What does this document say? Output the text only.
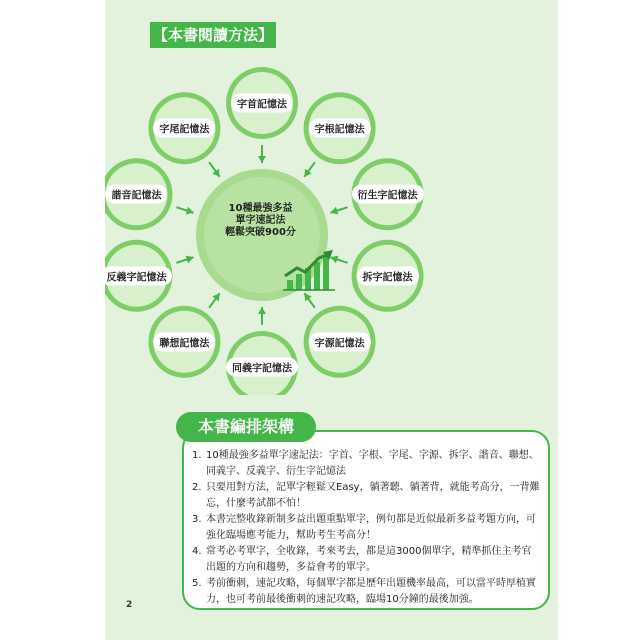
【本書閱讀方法】
字首記憶法
字根記憶法
衍生字記憶法
拆字記憶法
字源記憶法
同義字記憶法
聯想記憶法
反義字記憶法
諧音記憶法
字尾記憶法
10種最強多益
單字速記法
輕鬆突破900分
本書編排架構
1. 10種最強多益單字速記法：字首、字根、字尾、字源、拆字、諧音、聯想、同義字、反義字、衍生字記憶法
2. 只要用對方法，記單字輕鬆又Easy，躺著聽、躺著背，就能考高分，一背難忘，什麼考試都不怕！
3. 本書完整收錄新制多益出題重點單字，例句都是近似最新多益考題方向，可強化臨場應考能力，幫助考生考高分！
4. 常考必考單字，全收錄，考來考去，都是這3000個單字，精準抓住主考官出題的方向和趨勢，多益會考的單字。
5. 考前衝刺，速記攻略，每個單字都是歷年出題機率最高，可以當平時厚植實力，也可考前最後衝刺的速記攻略，臨場10分鐘的最後加強。
2
